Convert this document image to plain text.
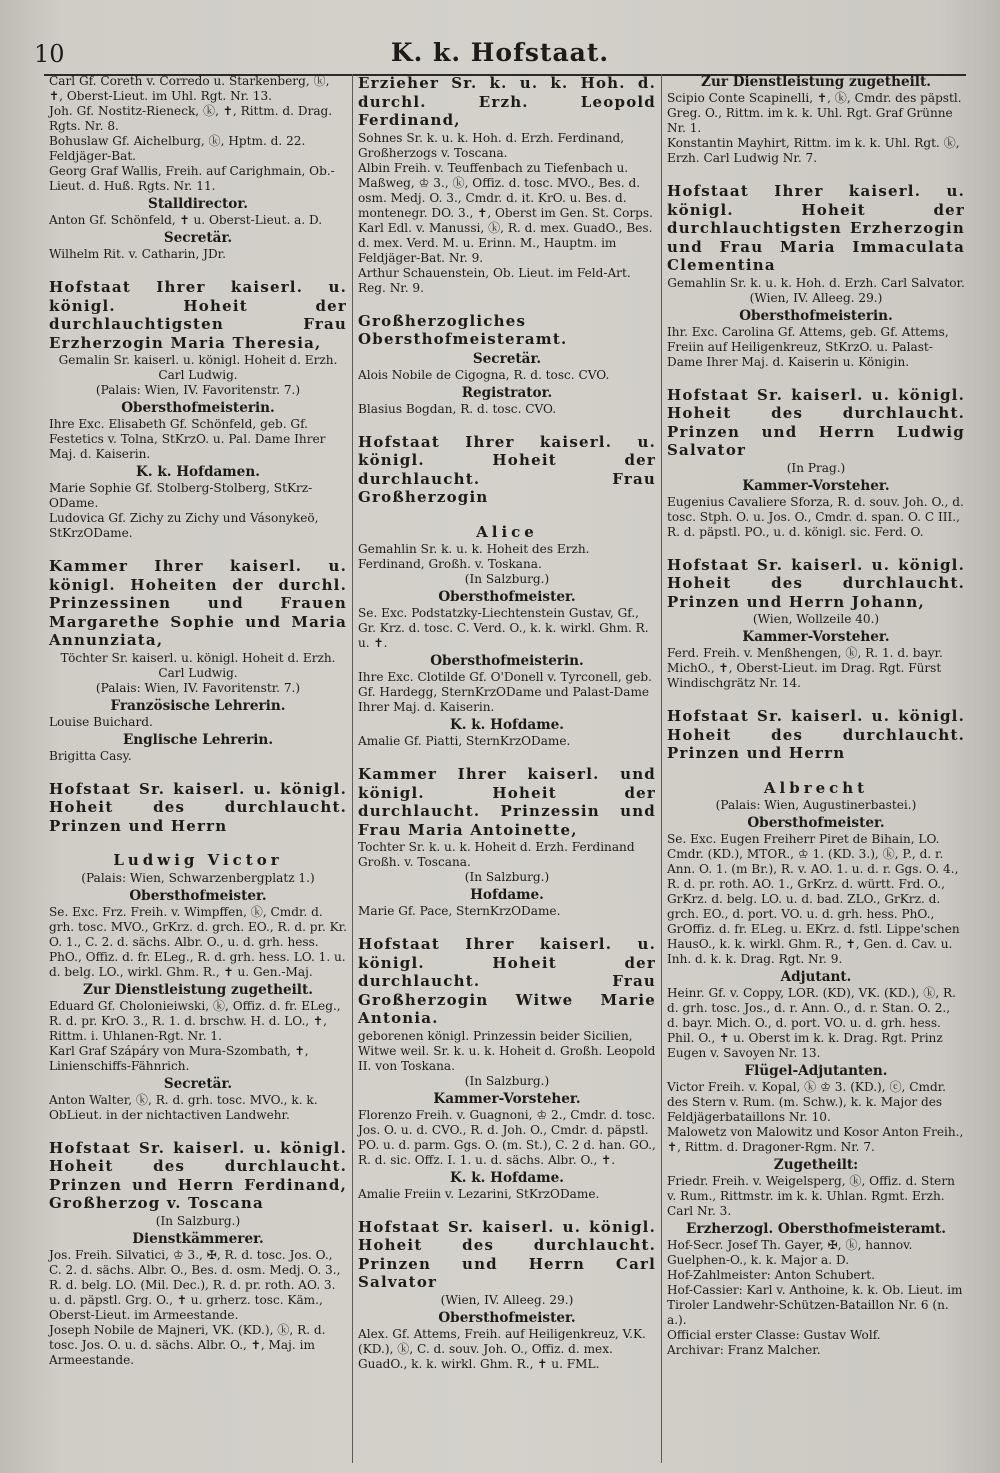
10	K. k. Hofstaat.

Carl Gf. Coreth v. Corredo u. Starkenberg, ⓚ, ✝, Oberst-Lieut. im Uhl. Rgt. Nr. 13.

Joh. Gf. Nostitz-Rieneck, ⓚ, ✝, Rittm. d. Drag. Rgts. Nr. 8.

Bohuslaw Gf. Aichelburg, ⓚ, Hptm. d. 22. Feldjäger-Bat.

Georg Graf Wallis, Freih. auf Carighmain, Ob.-Lieut. d. Huß. Rgts. Nr. 11.

Stalldirector.

Anton Gf. Schönfeld, ✝ u. Oberst-Lieut. a. D.

Secretär.

Wilhelm Rit. v. Catharin, JDr.

Hofstaat Ihrer kaiserl. u. königl. Hoheit der durchlauchtigsten Frau Erzherzogin Maria Theresia,

Gemalin Sr. kaiserl. u. königl. Hoheit d. Erzh. Carl Ludwig.

(Palais: Wien, IV. Favoritenstr. 7.)

Obersthofmeisterin.

Ihre Exc. Elisabeth Gf. Schönfeld, geb. Gf. Festetics v. Tolna, StKrzO. u. Pal. Dame Ihrer Maj. d. Kaiserin.

K. k. Hofdamen.

Marie Sophie Gf. Stolberg-Stolberg, StKrz-ODame.

Ludovica Gf. Zichy zu Zichy und Vásonykeö, StKrzODame.

Kammer Ihrer kaiserl. u. königl. Hoheiten der durchl. Prinzessinen und Frauen Margarethe Sophie und Maria Annunziata,

Töchter Sr. kaiserl. u. königl. Hoheit d. Erzh. Carl Ludwig.

(Palais: Wien, IV. Favoritenstr. 7.)

Französische Lehrerin.

Louise Buichard.

Englische Lehrerin.

Brigitta Casy.

Hofstaat Sr. kaiserl. u. königl. Hoheit des durchlaucht. Prinzen und Herrn
Ludwig Victor

(Palais: Wien, Schwarzenbergplatz 1.)

Obersthofmeister.

Se. Exc. Frz. Freih. v. Wimpffen, ⓚ, Cmdr. d. grh. tosc. MVO., GrKrz. d. grch. EO., R. d. pr. Kr. O. 1., C. 2. d. sächs. Albr. O., u. d. grh. hess. PhO., Offiz. d. fr. ELeg., R. d. grh. hess. LO. 1. u. d. belg. LO., wirkl. Ghm. R., ✝ u. Gen.-Maj.

Zur Dienstleistung zugetheilt.

Eduard Gf. Cholonieiwski, ⓚ, Offiz. d. fr. ELeg., R. d. pr. KrO. 3., R. 1. d. brschw. H. d. LO., ✝, Rittm. i. Uhlanen-Rgt. Nr. 1.

Karl Graf Szápáry von Mura-Szombath, ✝, Linienschiffs-Fähnrich.

Secretär.

Anton Walter, ⓚ, R. d. grh. tosc. MVO., k. k. ObLieut. in der nichtactiven Landwehr.

Hofstaat Sr. kaiserl. u. königl. Hoheit des durchlaucht. Prinzen und Herrn Ferdinand, Großherzog v. Toscana

(In Salzburg.)

Dienstkämmerer.

Jos. Freih. Silvatici, ♔ 3., ✠, R. d. tosc. Jos. O., C. 2. d. sächs. Albr. O., Bes. d. osm. Medj. O. 3., R. d. belg. LO. (Mil. Dec.), R. d. pr. roth. AO. 3. u. d. päpstl. Grg. O., ✝ u. grherz. tosc. Käm., Oberst-Lieut. im Armeestande.

Joseph Nobile de Majneri, VK. (KD.), ⓚ, R. d. tosc. Jos. O. u. d. sächs. Albr. O., ✝, Maj. im Armeestande.

Erzieher Sr. k. u. k. Hoh. d. durchl. Erzh. Leopold Ferdinand,

Sohnes Sr. k. u. k. Hoh. d. Erzh. Ferdinand, Großherzogs v. Toscana.

Albin Freih. v. Teuffenbach zu Tiefenbach u. Maßweg, ♔ 3., ⓚ, Offiz. d. tosc. MVO., Bes. d. osm. Medj. O. 3., Cmdr. d. it. KrO. u. Bes. d. montenegr. DO. 3., ✝, Oberst im Gen. St. Corps.

Karl Edl. v. Manussi, ⓚ, R. d. mex. GuadO., Bes. d. mex. Verd. M. u. Erinn. M., Hauptm. im Feldjäger-Bat. Nr. 9.

Arthur Schauenstein, Ob. Lieut. im Feld-Art. Reg. Nr. 9.

Großherzogliches Obersthofmeisteramt.
Secretär.

Alois Nobile de Cigogna, R. d. tosc. CVO.

Registrator.

Blasius Bogdan, R. d. tosc. CVO.

Hofstaat Ihrer kaiserl. u. königl. Hoheit der durchlaucht. Frau Großherzogin
Alice

Gemahlin Sr. k. u. k. Hoheit des Erzh. Ferdinand, Großh. v. Toskana.

(In Salzburg.)

Obersthofmeister.

Se. Exc. Podstatzky-Liechtenstein Gustav, Gf., Gr. Krz. d. tosc. C. Verd. O., k. k. wirkl. Ghm. R. u. ✝.

Obersthofmeisterin.

Ihre Exc. Clotilde Gf. O'Donell v. Tyrconell, geb. Gf. Hardegg, SternKrzODame und Palast-Dame Ihrer Maj. d. Kaiserin.

K. k. Hofdame.

Amalie Gf. Piatti, SternKrzODame.

Kammer Ihrer kaiserl. und königl. Hoheit der durchlaucht. Prinzessin und Frau Maria Antoinette,

Tochter Sr. k. u. k. Hoheit d. Erzh. Ferdinand Großh. v. Toscana.

(In Salzburg.)

Hofdame.

Marie Gf. Pace, SternKrzODame.

Hofstaat Ihrer kaiserl. u. königl. Hoheit der durchlaucht. Frau Großherzogin Witwe Marie Antonia.

geborenen königl. Prinzessin beider Sicilien, Witwe weil. Sr. k. u. k. Hoheit d. Großh. Leopold II. von Toskana.

(In Salzburg.)

Kammer-Vorsteher.

Florenzo Freih. v. Guagnoni, ♔ 2., Cmdr. d. tosc. Jos. O. u. d. CVO., R. d. Joh. O., Cmdr. d. päpstl. PO. u. d. parm. Ggs. O. (m. St.), C. 2 d. han. GO., R. d. sic. Offz. I. 1. u. d. sächs. Albr. O., ✝.

K. k. Hofdame.

Amalie Freiin v. Lezarini, StKrzODame.

Hofstaat Sr. kaiserl. u. königl. Hoheit des durchlaucht. Prinzen und Herrn Carl Salvator

(Wien, IV. Alleeg. 29.)

Obersthofmeister.

Alex. Gf. Attems, Freih. auf Heiligenkreuz, V.K. (KD.), ⓚ, C. d. souv. Joh. O., Offiz. d. mex. GuadO., k. k. wirkl. Ghm. R., ✝ u. FML.

Zur Dienstleistung zugetheilt.

Scipio Conte Scapinelli, ✝, ⓚ, Cmdr. des päpstl. Greg. O., Rittm. im k. k. Uhl. Rgt. Graf Grünne Nr. 1.

Konstantin Mayhirt, Rittm. im k. k. Uhl. Rgt. ⓚ, Erzh. Carl Ludwig Nr. 7.

Hofstaat Ihrer kaiserl. u. königl. Hoheit der durchlauchtigsten Erzherzogin und Frau Maria Immaculata Clementina

Gemahlin Sr. k. u. k. Hoh. d. Erzh. Carl Salvator.

(Wien, IV. Alleeg. 29.)

Obersthofmeisterin.

Ihr. Exc. Carolina Gf. Attems, geb. Gf. Attems, Freiin auf Heiligenkreuz, StKrzO. u. Palast-Dame Ihrer Maj. d. Kaiserin u. Königin.

Hofstaat Sr. kaiserl. u. königl. Hoheit des durchlaucht. Prinzen und Herrn Ludwig Salvator

(In Prag.)

Kammer-Vorsteher.

Eugenius Cavaliere Sforza, R. d. souv. Joh. O., d. tosc. Stph. O. u. Jos. O., Cmdr. d. span. O. C III., R. d. päpstl. PO., u. d. königl. sic. Ferd. O.

Hofstaat Sr. kaiserl. u. königl. Hoheit des durchlaucht. Prinzen und Herrn Johann,

(Wien, Wollzeile 40.)

Kammer-Vorsteher.

Ferd. Freih. v. Menßhengen, ⓚ, R. 1. d. bayr. MichO., ✝, Oberst-Lieut. im Drag. Rgt. Fürst Windischgrätz Nr. 14.

Hofstaat Sr. kaiserl. u. königl. Hoheit des durchlaucht. Prinzen und Herrn
Albrecht

(Palais: Wien, Augustinerbastei.)

Obersthofmeister.

Se. Exc. Eugen Freiherr Piret de Bihain, LO. Cmdr. (KD.), MTOR., ♔ 1. (KD. 3.), ⓚ, P., d. r. Ann. O. 1. (m Br.), R. v. AO. 1. u. d. r. Ggs. O. 4., R. d. pr. roth. AO. 1., GrKrz. d. württ. Frd. O., GrKrz. d. belg. LO. u. d. bad. ZLO., GrKrz. d. grch. EO., d. port. VO. u. d. grh. hess. PhO., GrOffiz. d. fr. ELeg. u. EKrz. d. fstl. Lippe'schen HausO., k. k. wirkl. Ghm. R., ✝, Gen. d. Cav. u. Inh. d. k. k. Drag. Rgt. Nr. 9.

Adjutant.

Heinr. Gf. v. Coppy, LOR. (KD), VK. (KD.), ⓚ, R. d. grh. tosc. Jos., d. r. Ann. O., d. r. Stan. O. 2., d. bayr. Mich. O., d. port. VO. u. d. grh. hess. Phil. O., ✝ u. Oberst im k. k. Drag. Rgt. Prinz Eugen v. Savoyen Nr. 13.

Flügel-Adjutanten.

Victor Freih. v. Kopal, ⓚ ♔ 3. (KD.), ⓒ, Cmdr. des Stern v. Rum. (m. Schw.), k. k. Major des Feldjägerbataillons Nr. 10.

Malowetz von Malowitz und Kosor Anton Freih., ✝, Rittm. d. Dragoner-Rgm. Nr. 7.

Zugetheilt:

Friedr. Freih. v. Weigelsperg, ⓚ, Offiz. d. Stern v. Rum., Rittmstr. im k. k. Uhlan. Rgmt. Erzh. Carl Nr. 3.

Erzherzogl. Obersthofmeisteramt.

Hof-Secr. Josef Th. Gayer, ✠, ⓚ, hannov. Guelphen-O., k. k. Major a. D.

Hof-Zahlmeister: Anton Schubert.

Hof-Cassier: Karl v. Anthoine, k. k. Ob. Lieut. im Tiroler Landwehr-Schützen-Bataillon Nr. 6 (n. a.).

Official erster Classe: Gustav Wolf.

Archivar: Franz Malcher.
